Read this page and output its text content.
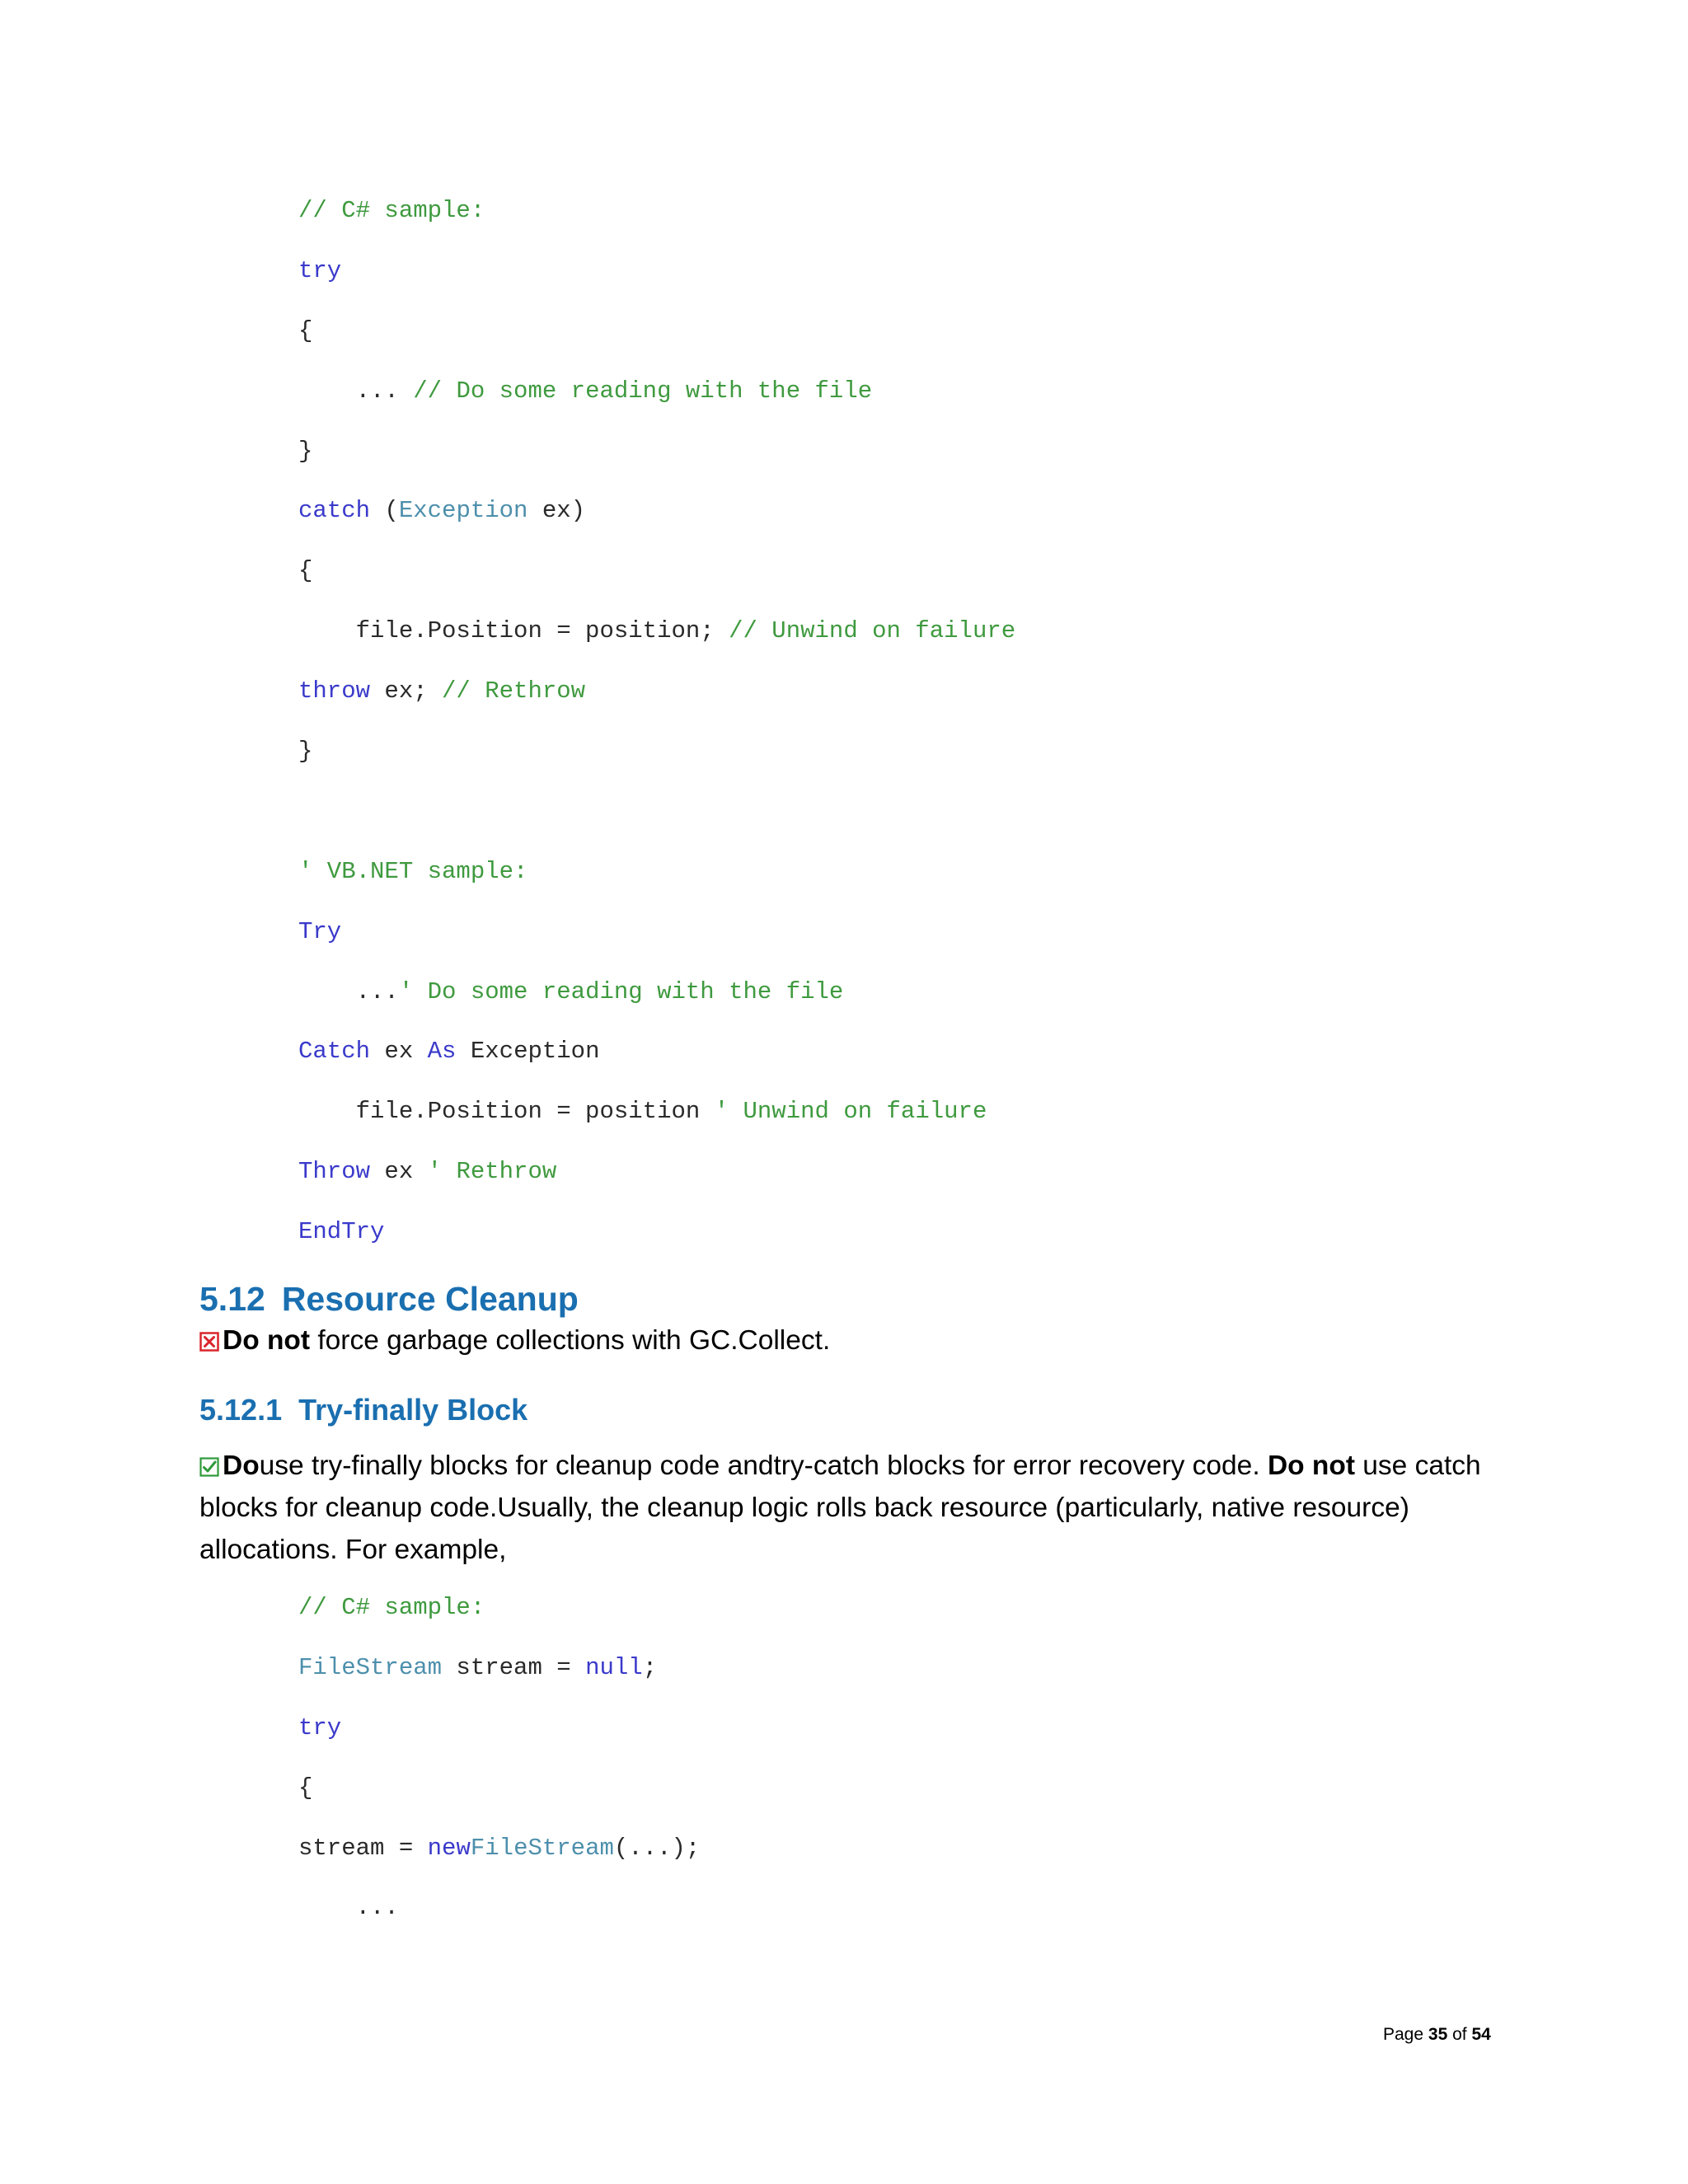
// C# sample:
try
{
... // Do some reading with the file
}
catch (Exception ex)
{
file.Position = position; // Unwind on failure
throw ex; // Rethrow
}
' VB.NET sample:
Try
...' Do some reading with the file
Catch ex As Exception
file.Position = position ' Unwind on failure
Throw ex ' Rethrow
EndTry
5.12 Resource Cleanup

Do not force garbage collections with GC.Collect.

5.12.1 Try-finally Block

Douse try-finally blocks for cleanup code andtry-catch blocks for error recovery code. Do not use catch blocks for cleanup code.Usually, the cleanup logic rolls back resource (particularly, native resource) allocations. For example,

// C# sample:
FileStream stream = null;
try
{
stream = newFileStream(...);
...
Page 35 of 54
